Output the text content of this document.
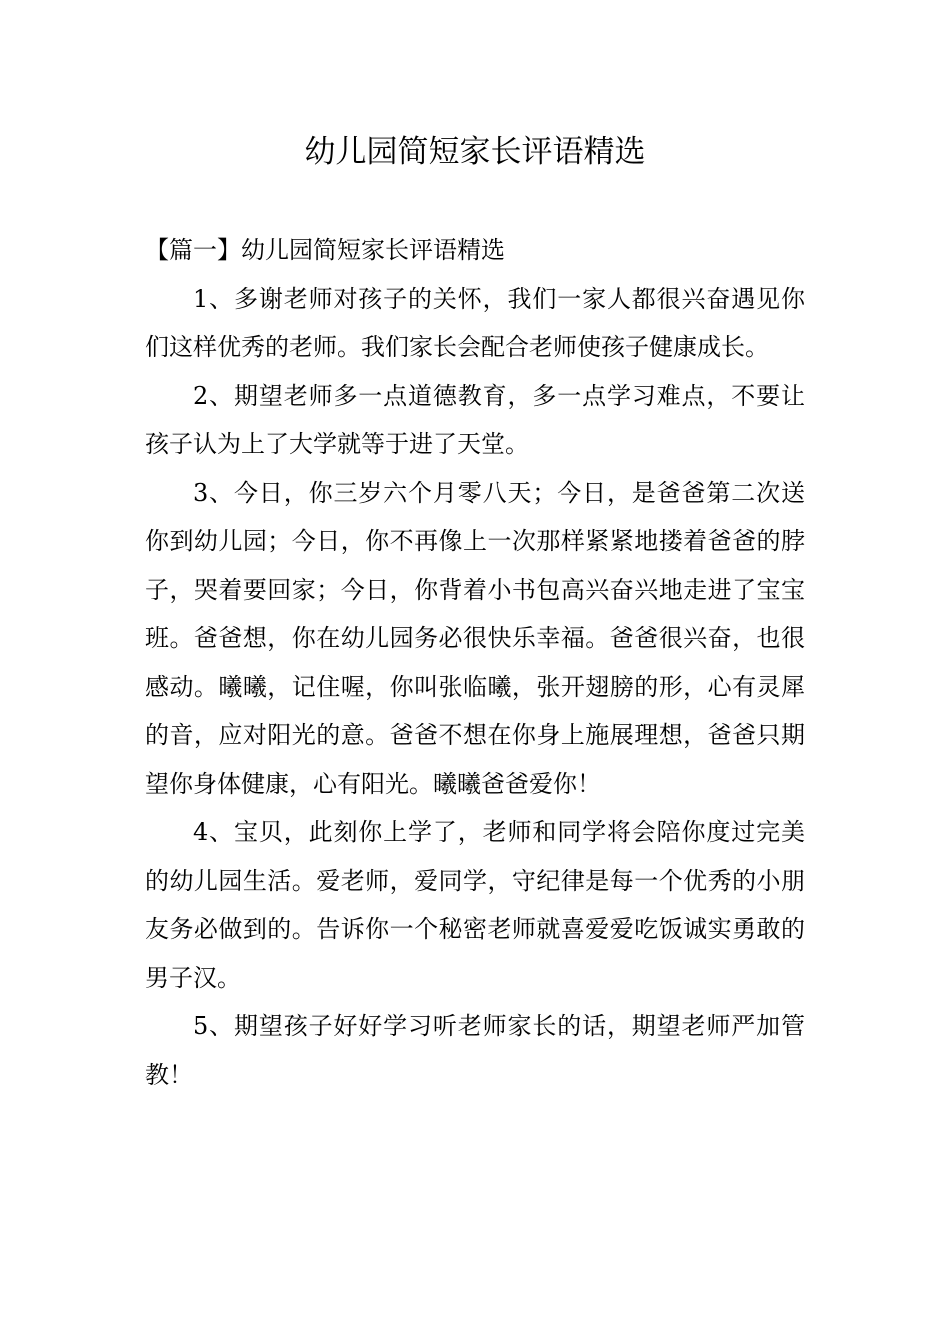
幼儿园简短家长评语精选

【篇一】幼儿园简短家长评语精选

1、多谢老师对孩子的关怀，我们一家人都很兴奋遇见你们这样优秀的老师。我们家长会配合老师使孩子健康成长。

2、期望老师多一点道德教育，多一点学习难点，不要让孩子认为上了大学就等于进了天堂。

3、今日，你三岁六个月零八天；今日，是爸爸第二次送你到幼儿园；今日，你不再像上一次那样紧紧地搂着爸爸的脖子，哭着要回家；今日，你背着小书包高兴奋兴地走进了宝宝班。爸爸想，你在幼儿园务必很快乐幸福。爸爸很兴奋，也很感动。曦曦，记住喔，你叫张临曦，张开翅膀的形，心有灵犀的音，应对阳光的意。爸爸不想在你身上施展理想，爸爸只期望你身体健康，心有阳光。曦曦爸爸爱你！

4、宝贝，此刻你上学了，老师和同学将会陪你度过完美的幼儿园生活。爱老师，爱同学，守纪律是每一个优秀的小朋友务必做到的。告诉你一个秘密老师就喜爱爱吃饭诚实勇敢的男子汉。

5、期望孩子好好学习听老师家长的话，期望老师严加管教！
